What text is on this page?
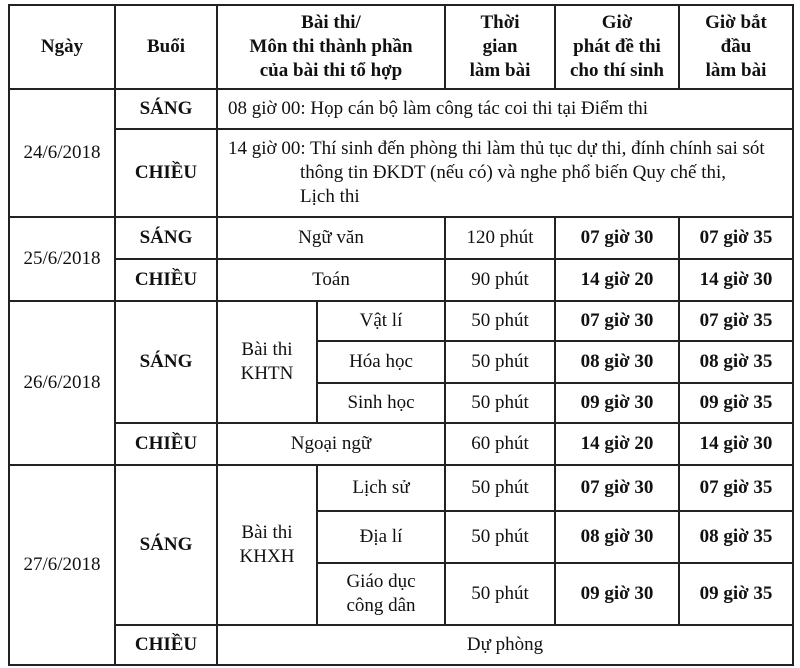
Ngày	Buổi	Bài thi/
Môn thi thành phần
của bài thi tổ hợp		Thời
gian
làm bài	Giờ
phát đề thi
cho thí sinh	Giờ bắt
đầu
làm bài
24/6/2018	SÁNG	08 giờ 00: Họp cán bộ làm công tác coi thi tại Điểm thi				
	CHIỀU	14 giờ 00: Thí sinh đến phòng thi làm thủ tục dự thi, đính chính sai sót
thông tin ĐKDT (nếu có) và nghe phổ biến Quy chế thi,
Lịch thi				

25/6/2018	SÁNG	Ngữ văn		120 phút	07 giờ 30	07 giờ 35
	CHIỀU	Toán		90 phút	14 giờ 20	14 giờ 30
26/6/2018	SÁNG	Bài thi
KHTN	Vật lí	50 phút	07 giờ 30	07 giờ 35
			Hóa học	50 phút	08 giờ 30	08 giờ 35
			Sinh học	50 phút	09 giờ 30	09 giờ 35
	CHIỀU	Ngoại ngữ		60 phút	14 giờ 20	14 giờ 30
27/6/2018	SÁNG	Bài thi
KHXH	Lịch sử	50 phút	07 giờ 30	07 giờ 35
			Địa lí	50 phút	08 giờ 30	08 giờ 35

			Giáo dục
công dân	50 phút	09 giờ 30	09 giờ 35
	CHIỀU	Dự phòng				
